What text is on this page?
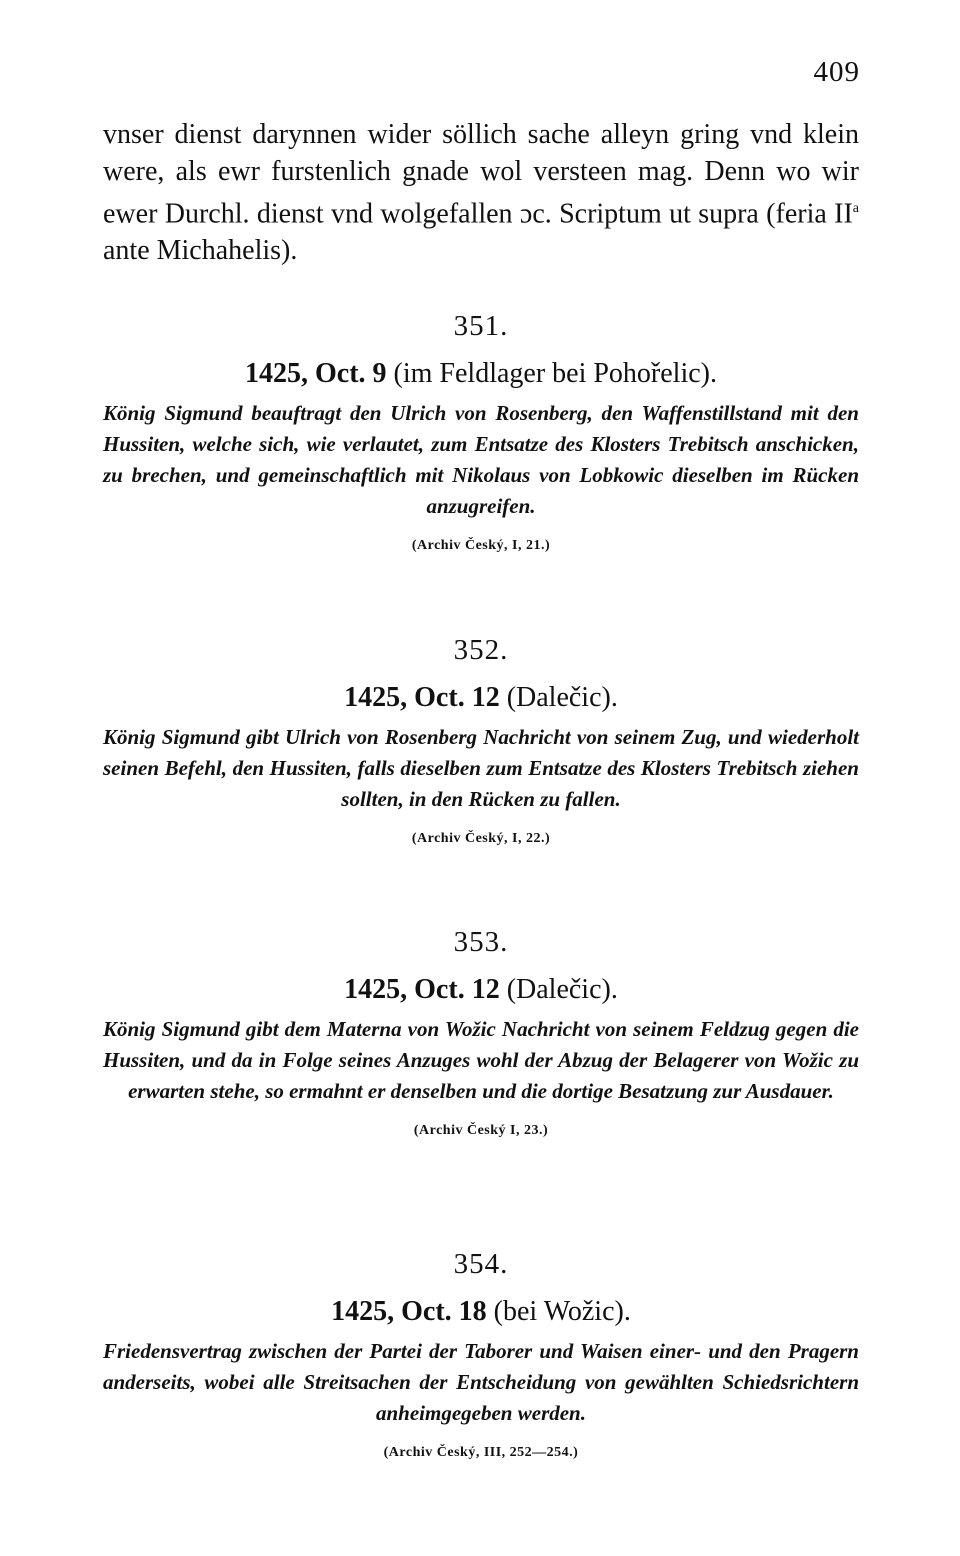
409

vnser dienst darynnen wider söllich sache alleyn gring vnd klein were, als ewr furstenlich gnade wol versteen mag. Denn wo wir ewer Durchl. dienst vnd wolgefallen ɔc. Scriptum ut supra (feria $II^a$ ante Michahelis).

351.

1425, Oct. 9 (im Feldlager bei Pohořelic).

König Sigmund beauftragt den Ulrich von Rosenberg, den Waffenstillstand mit den Hussiten, welche sich, wie verlautet, zum Entsatze des Klosters Trebitsch anschicken, zu brechen, und gemeinschaftlich mit Nikolaus von Lobkowic dieselben im Rücken anzugreifen.

(Archiv Český, I, 21.)

352.

1425, Oct. 12 (Dalečic).

König Sigmund gibt Ulrich von Rosenberg Nachricht von seinem Zug, und wiederholt seinen Befehl, den Hussiten, falls dieselben zum Entsatze des Klosters Trebitsch ziehen sollten, in den Rücken zu fallen.

(Archiv Český, I, 22.)

353.

1425, Oct. 12 (Dalečic).

König Sigmund gibt dem Materna von Wožic Nachricht von seinem Feldzug gegen die Hussiten, und da in Folge seines Anzuges wohl der Abzug der Belagerer von Wožic zu erwarten stehe, so ermahnt er denselben und die dortige Besatzung zur Ausdauer.

(Archiv Český I, 23.)

354.

1425, Oct. 18 (bei Wožic).

Friedensvertrag zwischen der Partei der Taborer und Waisen einer- und den Pragern anderseits, wobei alle Streitsachen der Entscheidung von gewählten Schiedsrichtern anheimgegeben werden.

(Archiv Český, III, 252—254.)
